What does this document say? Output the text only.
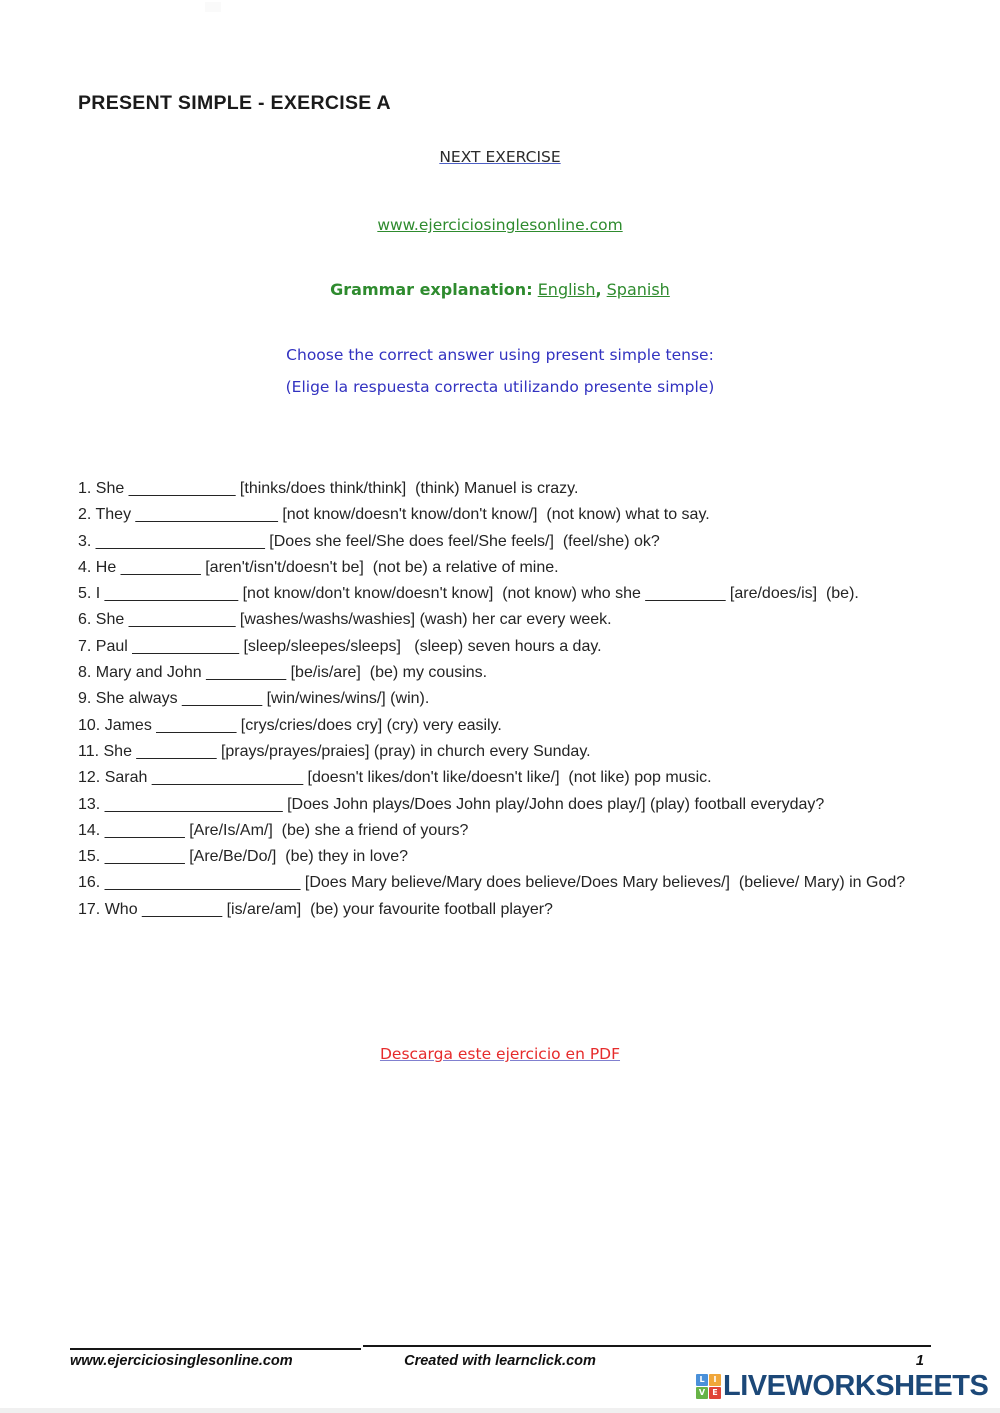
PRESENT SIMPLE - EXERCISE A
NEXT EXERCISE
www.ejerciciosinglesonline.com
Grammar explanation: English, Spanish
Choose the correct answer using present simple tense:
(Elige la respuesta correcta utilizando presente simple)

1. She ____________ [thinks/does think/think]  (think) Manuel is crazy.

2. They ________________ [not know/doesn't know/don't know/]  (not know) what to say.

3. ___________________ [Does she feel/She does feel/She feels/]  (feel/she) ok?

4. He _________ [aren't/isn't/doesn't be]  (not be) a relative of mine.

5. I _______________ [not know/don't know/doesn't know]  (not know) who she _________ [are/does/is]  (be).

6. She ____________ [washes/washs/washies] (wash) her car every week.

7. Paul ____________ [sleep/sleepes/sleeps]   (sleep) seven hours a day.

8. Mary and John _________ [be/is/are]  (be) my cousins.

9. She always _________ [win/wines/wins/] (win).

10. James _________ [crys/cries/does cry] (cry) very easily.

11. She _________ [prays/prayes/praies] (pray) in church every Sunday.

12. Sarah _________________ [doesn't likes/don't like/doesn't like/]  (not like) pop music.

13. ____________________ [Does John plays/Does John play/John does play/] (play) football everyday?

14. _________ [Are/Is/Am/]  (be) she a friend of yours?

15. _________ [Are/Be/Do/]  (be) they in love?

16. ______________________ [Does Mary believe/Mary does believe/Does Mary believes/]  (believe/ Mary) in God?

17. Who _________ [is/are/am]  (be) your favourite football player?

Descarga este ejercicio en PDF
www.ejerciciosinglesonline.com	Created with learnclick.com	1
L	I
V E LIVEWORKSHEETS
